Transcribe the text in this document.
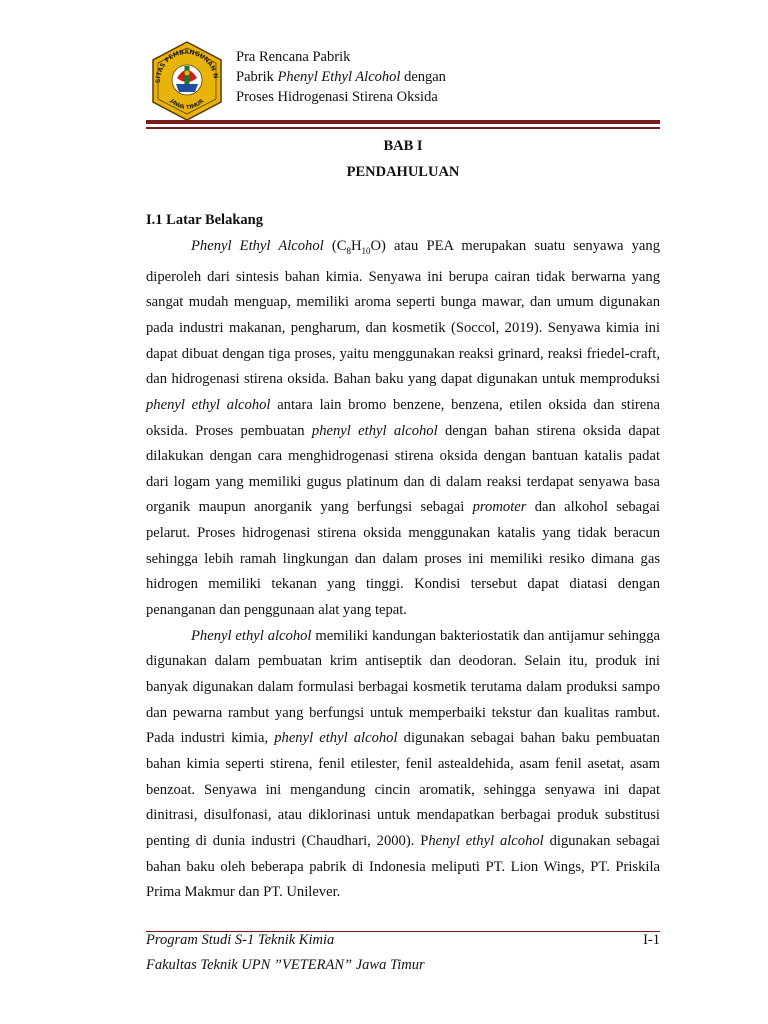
SITAS PEMBANGUNAN N
JAWA TIMUR
Pra Rencana Pabrik
Pabrik Phenyl Ethyl Alcohol dengan
Proses Hidrogenasi Stirena Oksida
BAB I
PENDAHULUAN
I.1 Latar Belakang

Phenyl Ethyl Alcohol $(C_8H_{10}O)$ atau PEA merupakan suatu senyawa yang diperoleh dari sintesis bahan kimia. Senyawa ini berupa cairan tidak berwarna yang sangat mudah menguap, memiliki aroma seperti bunga mawar, dan umum digunakan pada industri makanan, pengharum, dan kosmetik (Soccol, 2019). Senyawa kimia ini dapat dibuat dengan tiga proses, yaitu menggunakan reaksi grinard, reaksi friedel-craft, dan hidrogenasi stirena oksida. Bahan baku yang dapat digunakan untuk memproduksi phenyl ethyl alcohol antara lain bromo benzene, benzena, etilen oksida dan stirena oksida. Proses pembuatan phenyl ethyl alcohol dengan bahan stirena oksida dapat dilakukan dengan cara menghidrogenasi stirena oksida dengan bantuan katalis padat dari logam yang memiliki gugus platinum dan di dalam reaksi terdapat senyawa basa organik maupun anorganik yang berfungsi sebagai promoter dan alkohol sebagai pelarut. Proses hidrogenasi stirena oksida menggunakan katalis yang tidak beracun sehingga lebih ramah lingkungan dan dalam proses ini memiliki resiko dimana gas hidrogen memiliki tekanan yang tinggi. Kondisi tersebut dapat diatasi dengan penanganan dan penggunaan alat yang tepat.

Phenyl ethyl alcohol memiliki kandungan bakteriostatik dan antijamur sehingga digunakan dalam pembuatan krim antiseptik dan deodoran. Selain itu, produk ini banyak digunakan dalam formulasi berbagai kosmetik terutama dalam produksi sampo dan pewarna rambut yang berfungsi untuk memperbaiki tekstur dan kualitas rambut. Pada industri kimia, phenyl ethyl alcohol digunakan sebagai bahan baku pembuatan bahan kimia seperti stirena, fenil etilester, fenil astealdehida, asam fenil asetat, asam benzoat. Senyawa ini mengandung cincin aromatik, sehingga senyawa ini dapat dinitrasi, disulfonasi, atau diklorinasi untuk mendapatkan berbagai produk substitusi penting di dunia industri (Chaudhari, 2000). Phenyl ethyl alcohol digunakan sebagai bahan baku oleh beberapa pabrik di Indonesia meliputi PT. Lion Wings, PT. Priskila Prima Makmur dan PT. Unilever.

Program Studi S-1 Teknik Kimia	I-1
Fakultas Teknik UPN ”VETERAN” Jawa Timur
